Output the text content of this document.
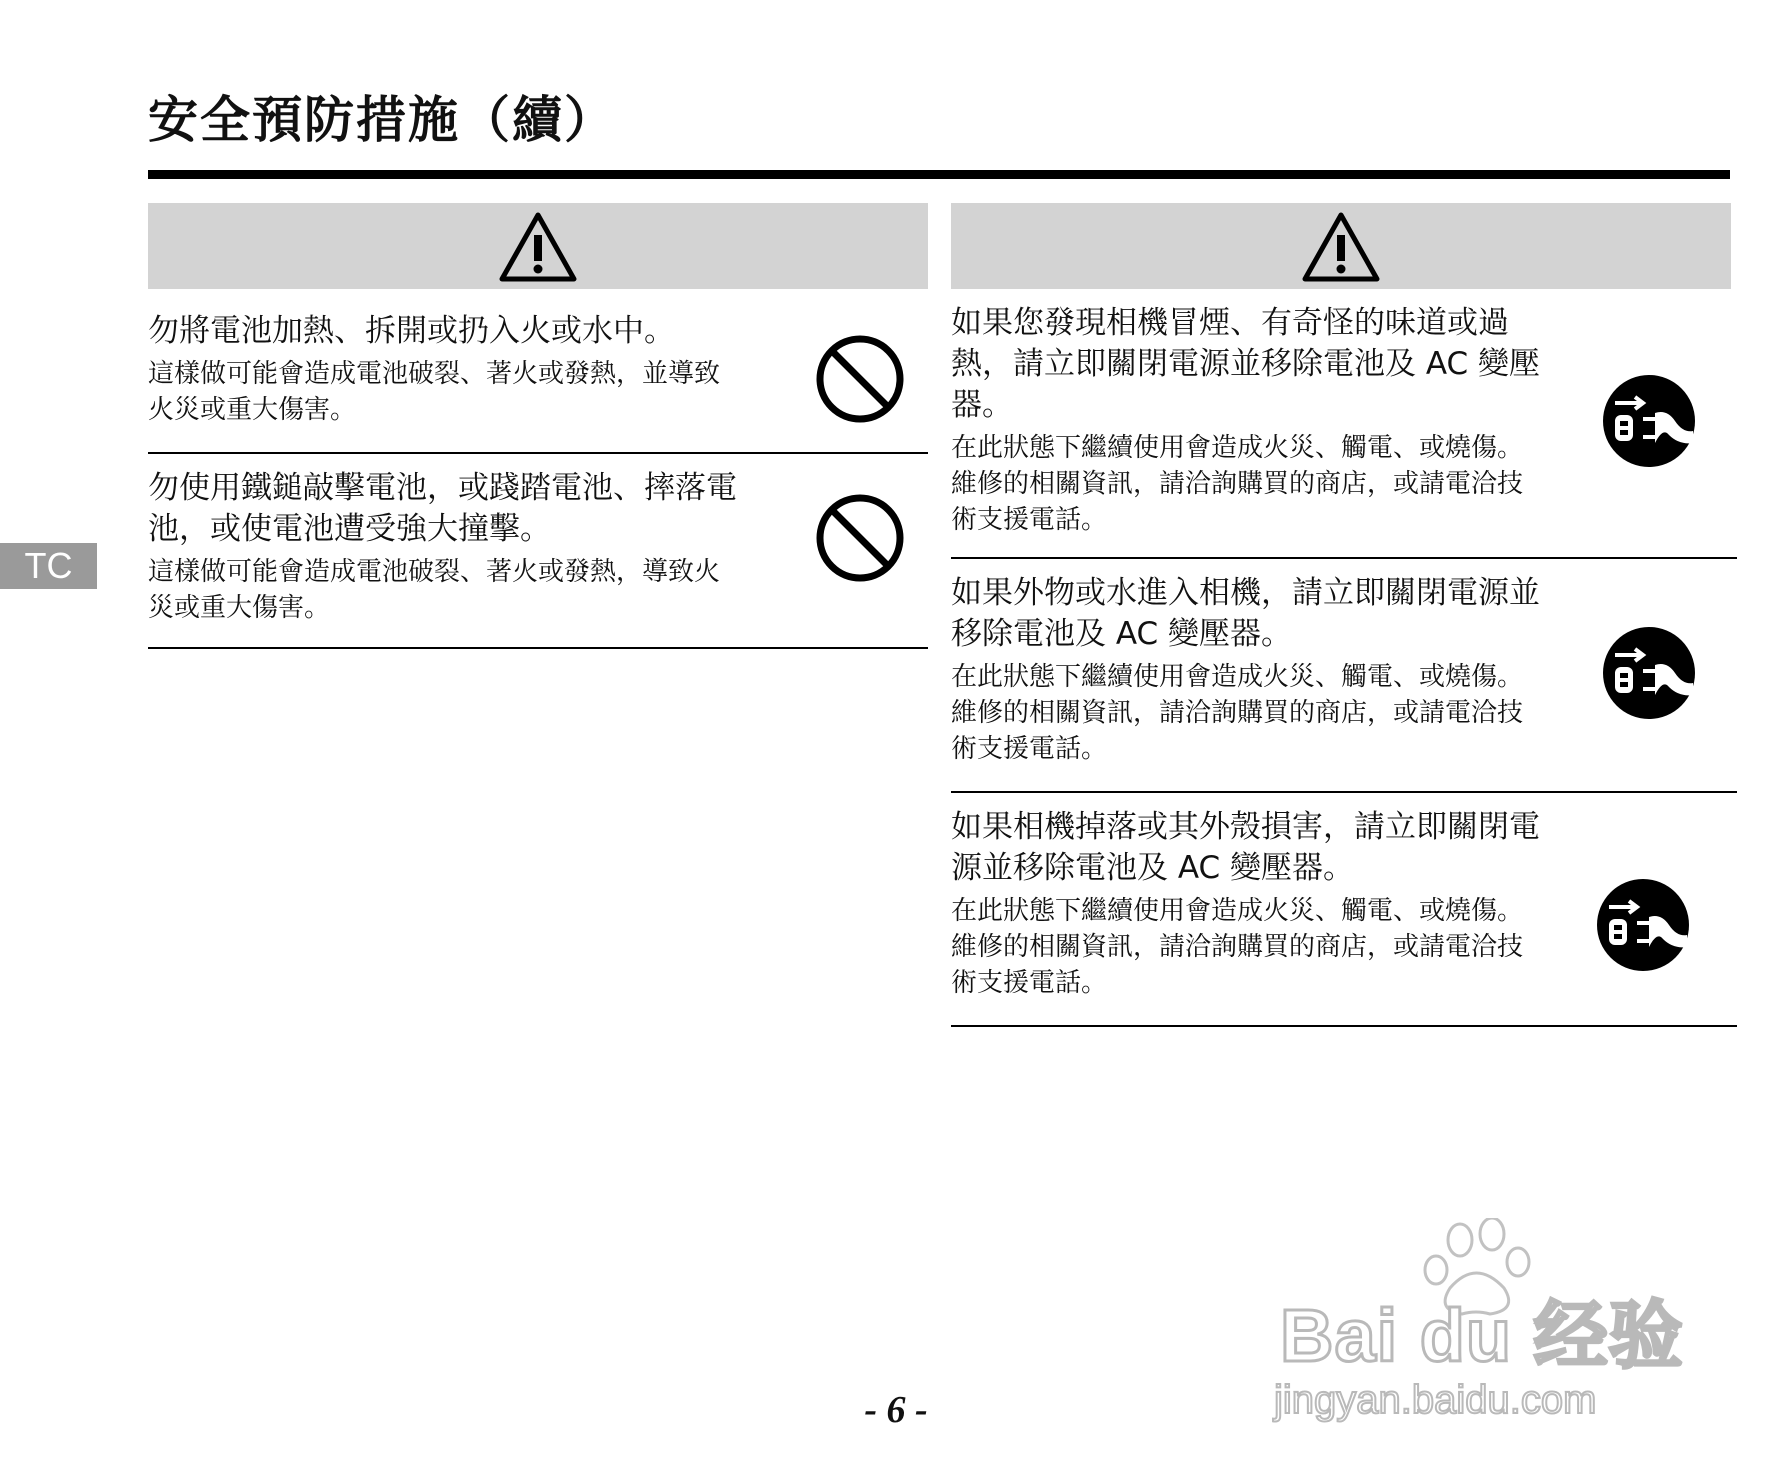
安全預防措施（續）
TC
勿將電池加熱、拆開或扔入火或水中。
這樣做可能會造成電池破裂、著火或發熱，並導致
火災或重大傷害。
勿使用鐵鎚敲擊電池，或踐踏電池、摔落電
池，或使電池遭受強大撞擊。
這樣做可能會造成電池破裂、著火或發熱，導致火
災或重大傷害。
如果您發現相機冒煙、有奇怪的味道或過
熱，請立即關閉電源並移除電池及 AC 變壓
器。
在此狀態下繼續使用會造成火災、觸電、或燒傷。
維修的相關資訊，請洽詢購買的商店，或請電洽技
術支援電話。
如果外物或水進入相機，請立即關閉電源並
移除電池及 AC 變壓器。
在此狀態下繼續使用會造成火災、觸電、或燒傷。
維修的相關資訊，請洽詢購買的商店，或請電洽技
術支援電話。
如果相機掉落或其外殼損害，請立即關閉電
源並移除電池及 AC 變壓器。
在此狀態下繼續使用會造成火災、觸電、或燒傷。
維修的相關資訊，請洽詢購買的商店，或請電洽技
術支援電話。
- 6 -
Bai du 经验
jingyan.baidu.com
